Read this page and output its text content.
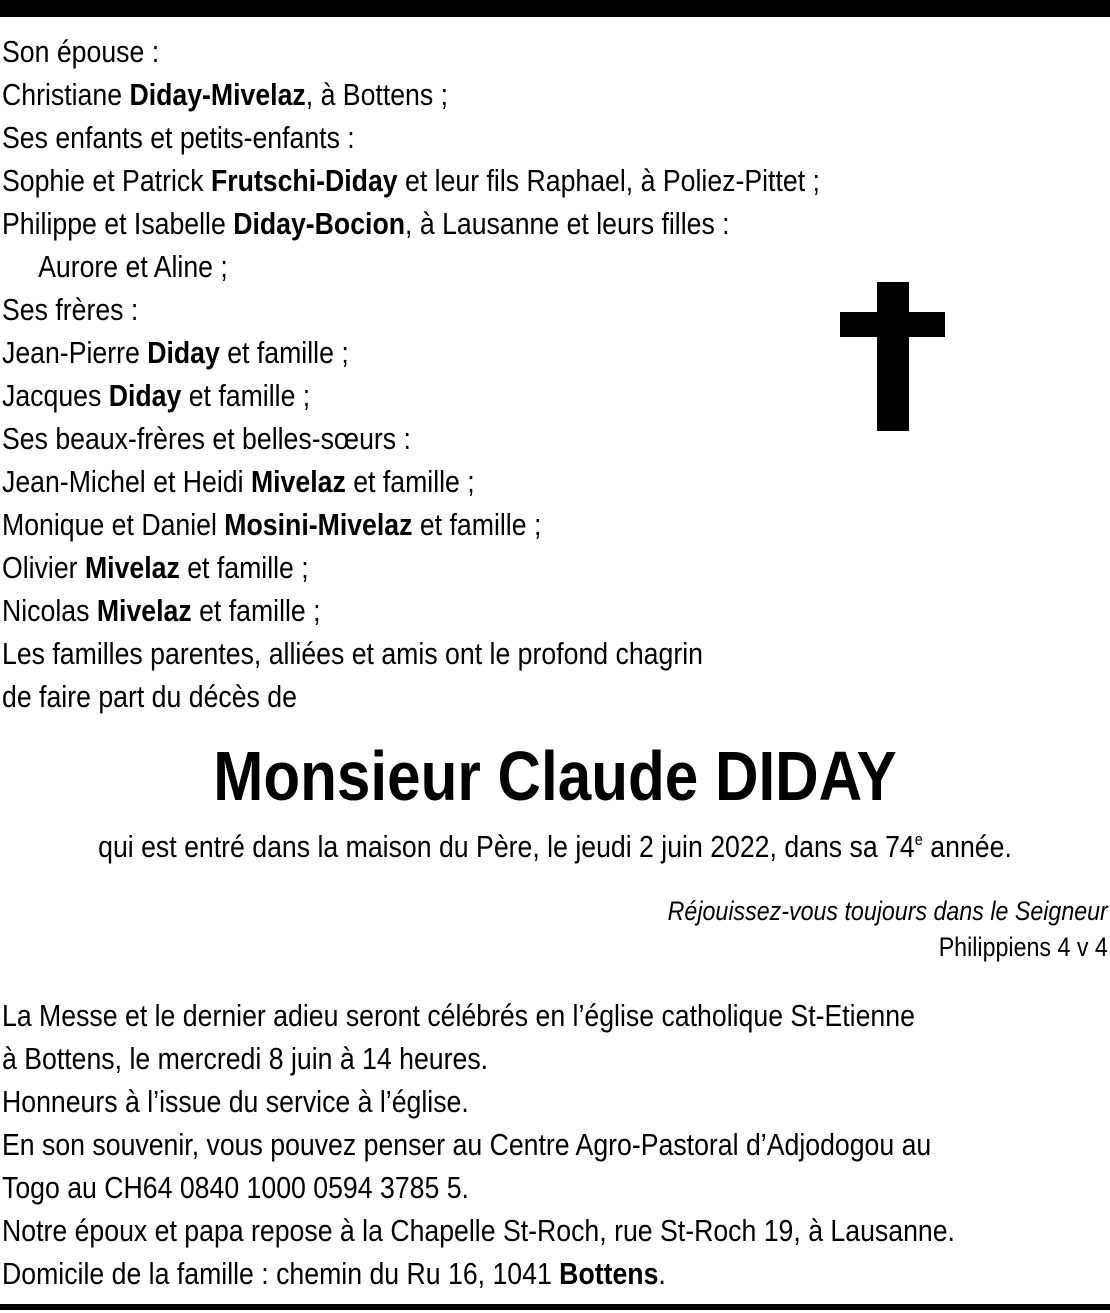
Son épouse :
Christiane Diday-Mivelaz, à Bottens ;
Ses enfants et petits-enfants :
Sophie et Patrick Frutschi-Diday et leur fils Raphael, à Poliez-Pittet ;
Philippe et Isabelle Diday-Bocion, à Lausanne et leurs filles :
Aurore et Aline ;
Ses frères :
Jean-Pierre Diday et famille ;
Jacques Diday et famille ;
Ses beaux-frères et belles-sœurs :
Jean-Michel et Heidi Mivelaz et famille ;
Monique et Daniel Mosini-Mivelaz et famille ;
Olivier Mivelaz et famille ;
Nicolas Mivelaz et famille ;
Les familles parentes, alliées et amis ont le profond chagrin
de faire part du décès de
Monsieur Claude DIDAY
qui est entré dans la maison du Père, le jeudi 2 juin 2022, dans sa 74e année.
Réjouissez-vous toujours dans le Seigneur
Philippiens 4 v 4
La Messe et le dernier adieu seront célébrés en l’église catholique St-Etienne
à Bottens, le mercredi 8 juin à 14 heures.
Honneurs à l’issue du service à l’église.
En son souvenir, vous pouvez penser au Centre Agro-Pastoral d’Adjodogou au
Togo au CH64 0840 1000 0594 3785 5.
Notre époux et papa repose à la Chapelle St-Roch, rue St-Roch 19, à Lausanne.
Domicile de la famille : chemin du Ru 16, 1041 Bottens.
